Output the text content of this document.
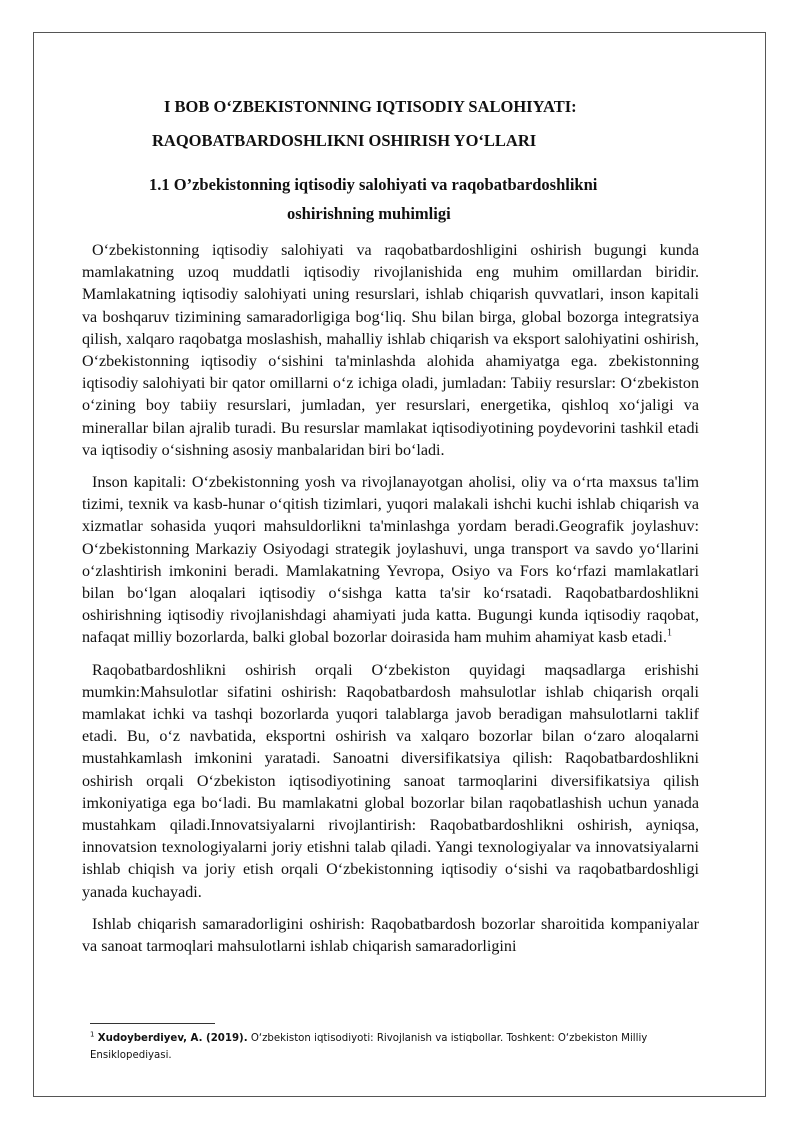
I BOB O‘ZBEKISTONNING IQTISODIY SALOHIYATI:
RAQOBATBARDOSHLIKNI OSHIRISH YO‘LLARI
1.1 O’zbekistonning iqtisodiy salohiyati va raqobatbardoshlikni
oshirishning muhimligi

O‘zbekistonning iqtisodiy salohiyati va raqobatbardoshligini oshirish bugungi kunda mamlakatning uzoq muddatli iqtisodiy rivojlanishida eng muhim omillardan biridir. Mamlakatning iqtisodiy salohiyati uning resurslari, ishlab chiqarish quvvatlari, inson kapitali va boshqaruv tizimining samaradorligiga bog‘liq. Shu bilan birga, global bozorga integratsiya qilish, xalqaro raqobatga moslashish, mahalliy ishlab chiqarish va eksport salohiyatini oshirish, O‘zbekistonning iqtisodiy o‘sishini ta'minlashda alohida ahamiyatga ega. zbekistonning iqtisodiy salohiyati bir qator omillarni o‘z ichiga oladi, jumladan: Tabiiy resurslar: O‘zbekiston o‘zining boy tabiiy resurslari, jumladan, yer resurslari, energetika, qishloq xo‘jaligi va minerallar bilan ajralib turadi. Bu resurslar mamlakat iqtisodiyotining poydevorini tashkil etadi va iqtisodiy o‘sishning asosiy manbalaridan biri bo‘ladi.

Inson kapitali: O‘zbekistonning yosh va rivojlanayotgan aholisi, oliy va o‘rta maxsus ta'lim tizimi, texnik va kasb-hunar o‘qitish tizimlari, yuqori malakali ishchi kuchi ishlab chiqarish va xizmatlar sohasida yuqori mahsuldorlikni ta'minlashga yordam beradi.Geografik joylashuv: O‘zbekistonning Markaziy Osiyodagi strategik joylashuvi, unga transport va savdo yo‘llarini o‘zlashtirish imkonini beradi. Mamlakatning Yevropa, Osiyo va Fors ko‘rfazi mamlakatlari bilan bo‘lgan aloqalari iqtisodiy o‘sishga katta ta'sir ko‘rsatadi. Raqobatbardoshlikni oshirishning iqtisodiy rivojlanishdagi ahamiyati juda katta. Bugungi kunda iqtisodiy raqobat, nafaqat milliy bozorlarda, balki global bozorlar doirasida ham muhim ahamiyat kasb etadi.$^1$

Raqobatbardoshlikni oshirish orqali O‘zbekiston quyidagi maqsadlarga erishishi mumkin:Mahsulotlar sifatini oshirish: Raqobatbardosh mahsulotlar ishlab chiqarish orqali mamlakat ichki va tashqi bozorlarda yuqori talablarga javob beradigan mahsulotlarni taklif etadi. Bu, o‘z navbatida, eksportni oshirish va xalqaro bozorlar bilan o‘zaro aloqalarni mustahkamlash imkonini yaratadi. Sanoatni diversifikatsiya qilish: Raqobatbardoshlikni oshirish orqali O‘zbekiston iqtisodiyotining sanoat tarmoqlarini diversifikatsiya qilish imkoniyatiga ega bo‘ladi. Bu mamlakatni global bozorlar bilan raqobatlashish uchun yanada mustahkam qiladi.Innovatsiyalarni rivojlantirish: Raqobatbardoshlikni oshirish, ayniqsa, innovatsion texnologiyalarni joriy etishni talab qiladi. Yangi texnologiyalar va innovatsiyalarni ishlab chiqish va joriy etish orqali O‘zbekistonning iqtisodiy o‘sishi va raqobatbardoshligi yanada kuchayadi.

Ishlab chiqarish samaradorligini oshirish: Raqobatbardosh bozorlar sharoitida kompaniyalar va sanoat tarmoqlari mahsulotlarni ishlab chiqarish samaradorligini

$^1$ Xudoyberdiyev, A. (2019). O‘zbekiston iqtisodiyoti: Rivojlanish va istiqbollar. Toshkent: O‘zbekiston Milliy Ensiklopediyasi.
